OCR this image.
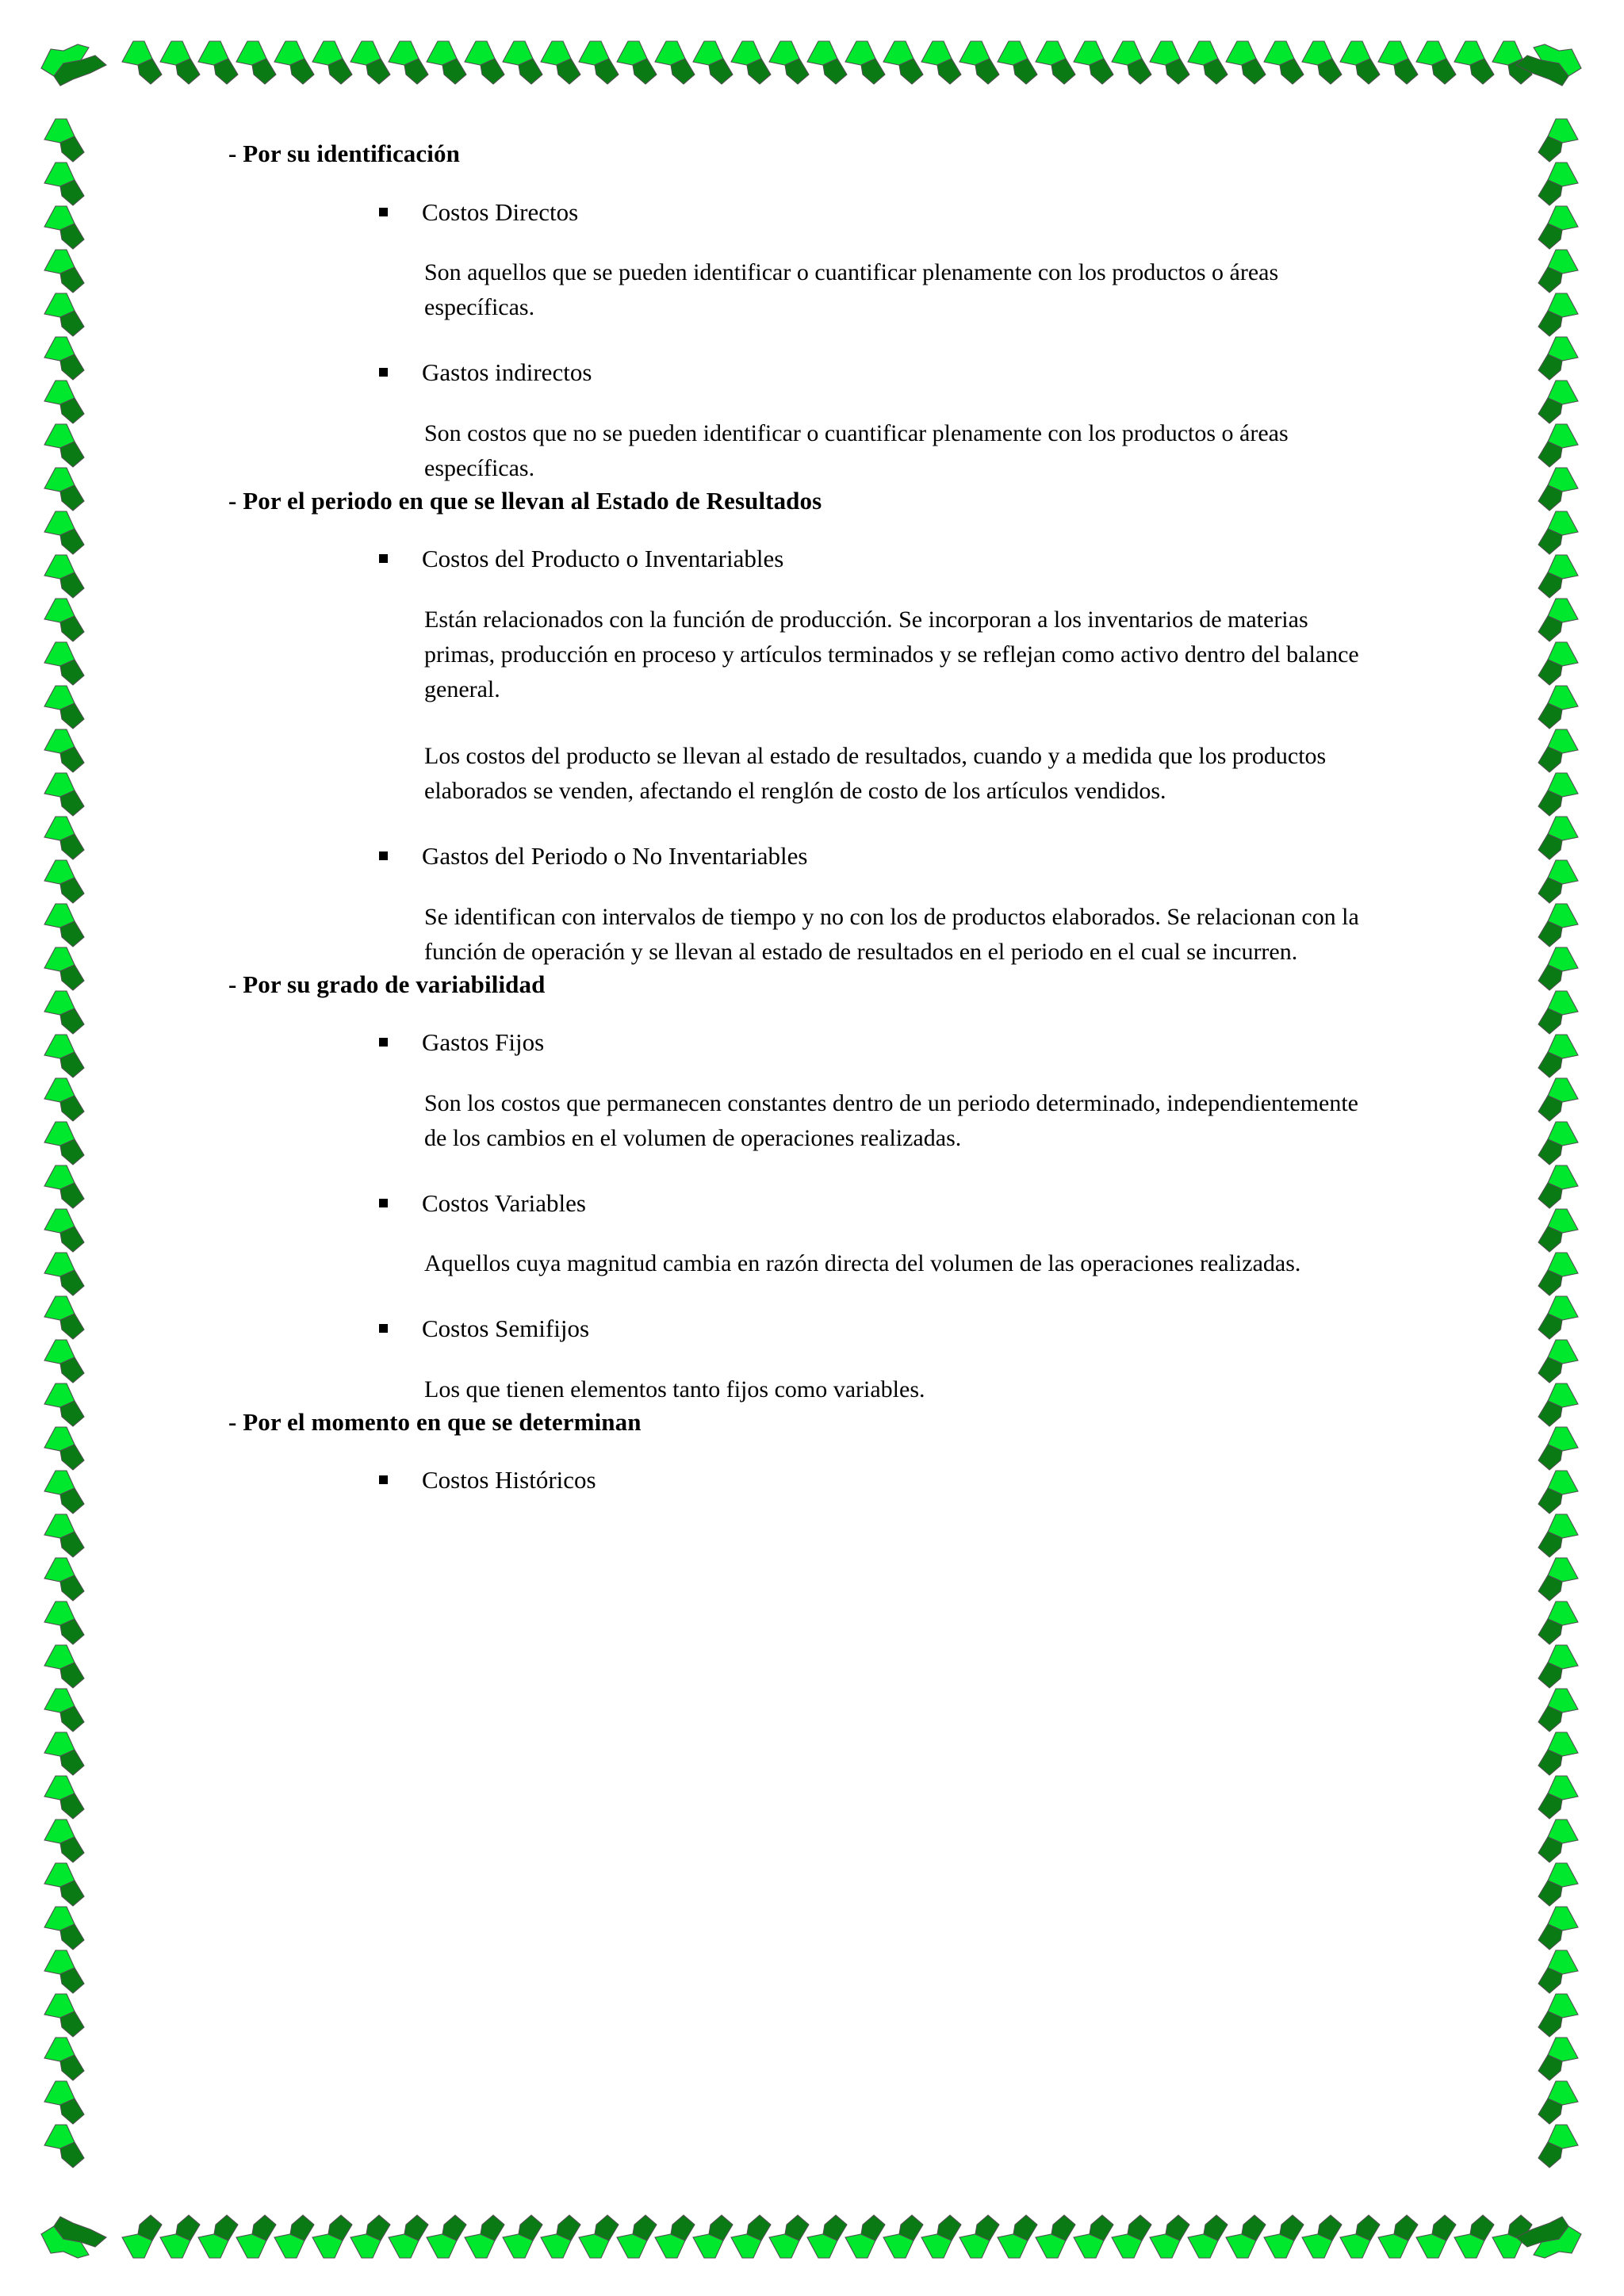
- Por su identificación
Costos Directos

Son aquellos que se pueden identificar o cuantificar plenamente con los productos o áreas específicas.

Gastos indirectos

Son costos que no se pueden identificar o cuantificar plenamente con los productos o áreas específicas.

- Por el periodo en que se llevan al Estado de Resultados
Costos del Producto o Inventariables

Están relacionados con la función de producción. Se incorporan a los inventarios de materias primas, producción en proceso y artículos terminados y se reflejan como activo dentro del balance general.

Los costos del producto se llevan al estado de resultados, cuando y a medida que los productos elaborados se venden, afectando el renglón de costo de los artículos vendidos.

Gastos del Periodo o No Inventariables

Se identifican con intervalos de tiempo y no con los de productos elaborados. Se relacionan con la función de operación y se llevan al estado de resultados en el periodo en el cual se incurren.

- Por su grado de variabilidad
Gastos Fijos

Son los costos que permanecen constantes dentro de un periodo determinado, independientemente de los cambios en el volumen de operaciones realizadas.

Costos Variables

Aquellos cuya magnitud cambia en razón directa del volumen de las operaciones realizadas.

Costos Semifijos

Los que tienen elementos tanto fijos como variables.

- Por el momento en que se determinan
Costos Históricos
